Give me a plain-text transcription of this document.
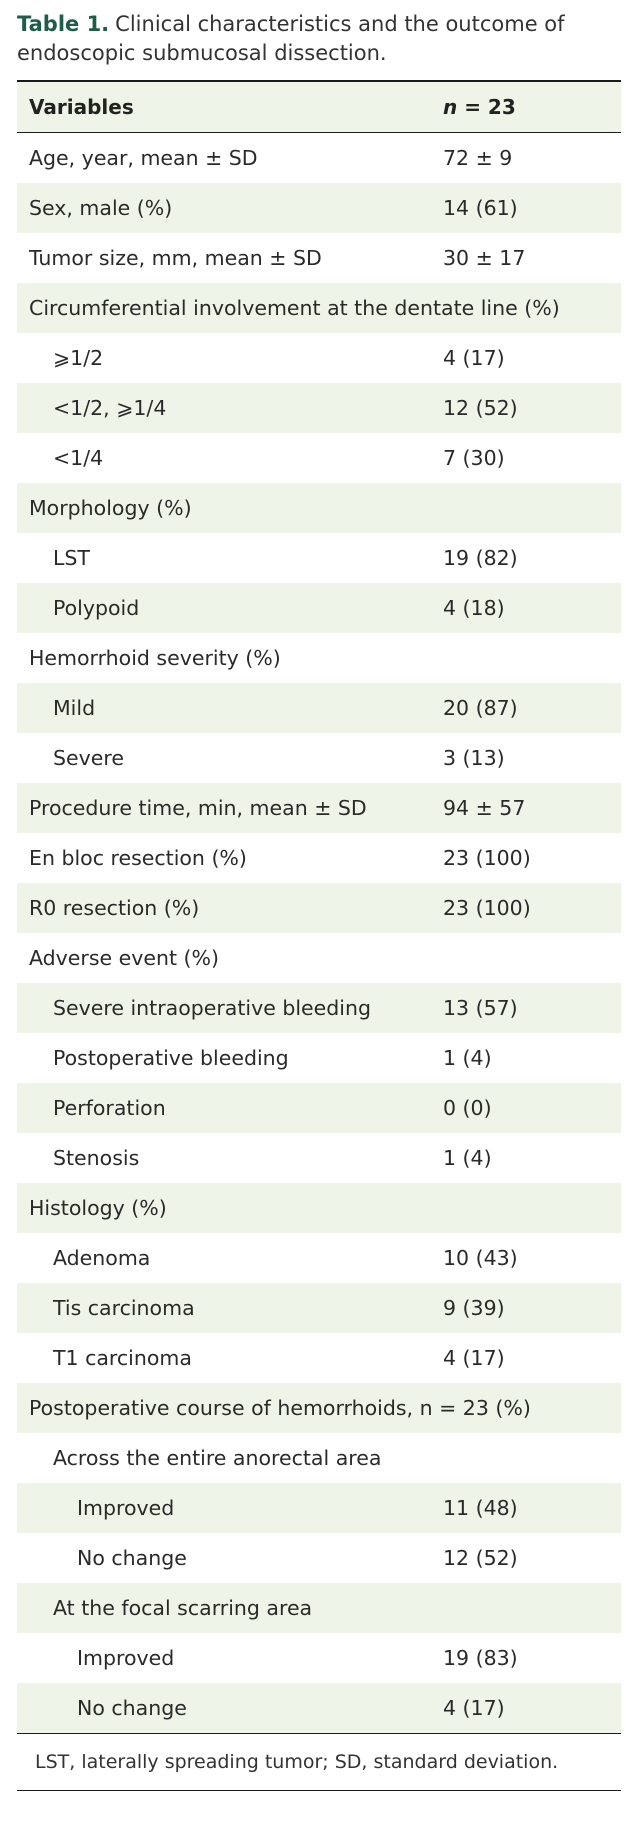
Table 1. Clinical characteristics and the outcome of endoscopic submucosal dissection.
Variables	n = 23
Age, year, mean ± SD	72 ± 9
Sex, male (%)	14 (61)
Tumor size, mm, mean ± SD	30 ± 17
Circumferential involvement at the dentate line (%)
⩾1/2	4 (17)
<1/2, ⩾1/4	12 (52)
<1/4	7 (30)
Morphology (%)
LST	19 (82)
Polypoid	4 (18)
Hemorrhoid severity (%)
Mild	20 (87)
Severe	3 (13)
Procedure time, min, mean ± SD	94 ± 57
En bloc resection (%)	23 (100)
R0 resection (%)	23 (100)
Adverse event (%)
Severe intraoperative bleeding	13 (57)
Postoperative bleeding	1 (4)
Perforation	0 (0)
Stenosis	1 (4)
Histology (%)
Adenoma	10 (43)
Tis carcinoma	9 (39)
T1 carcinoma	4 (17)
Postoperative course of hemorrhoids, n = 23 (%)
Across the entire anorectal area
Improved	11 (48)
No change	12 (52)
At the focal scarring area
Improved	19 (83)
No change	4 (17)
LST, laterally spreading tumor; SD, standard deviation.
